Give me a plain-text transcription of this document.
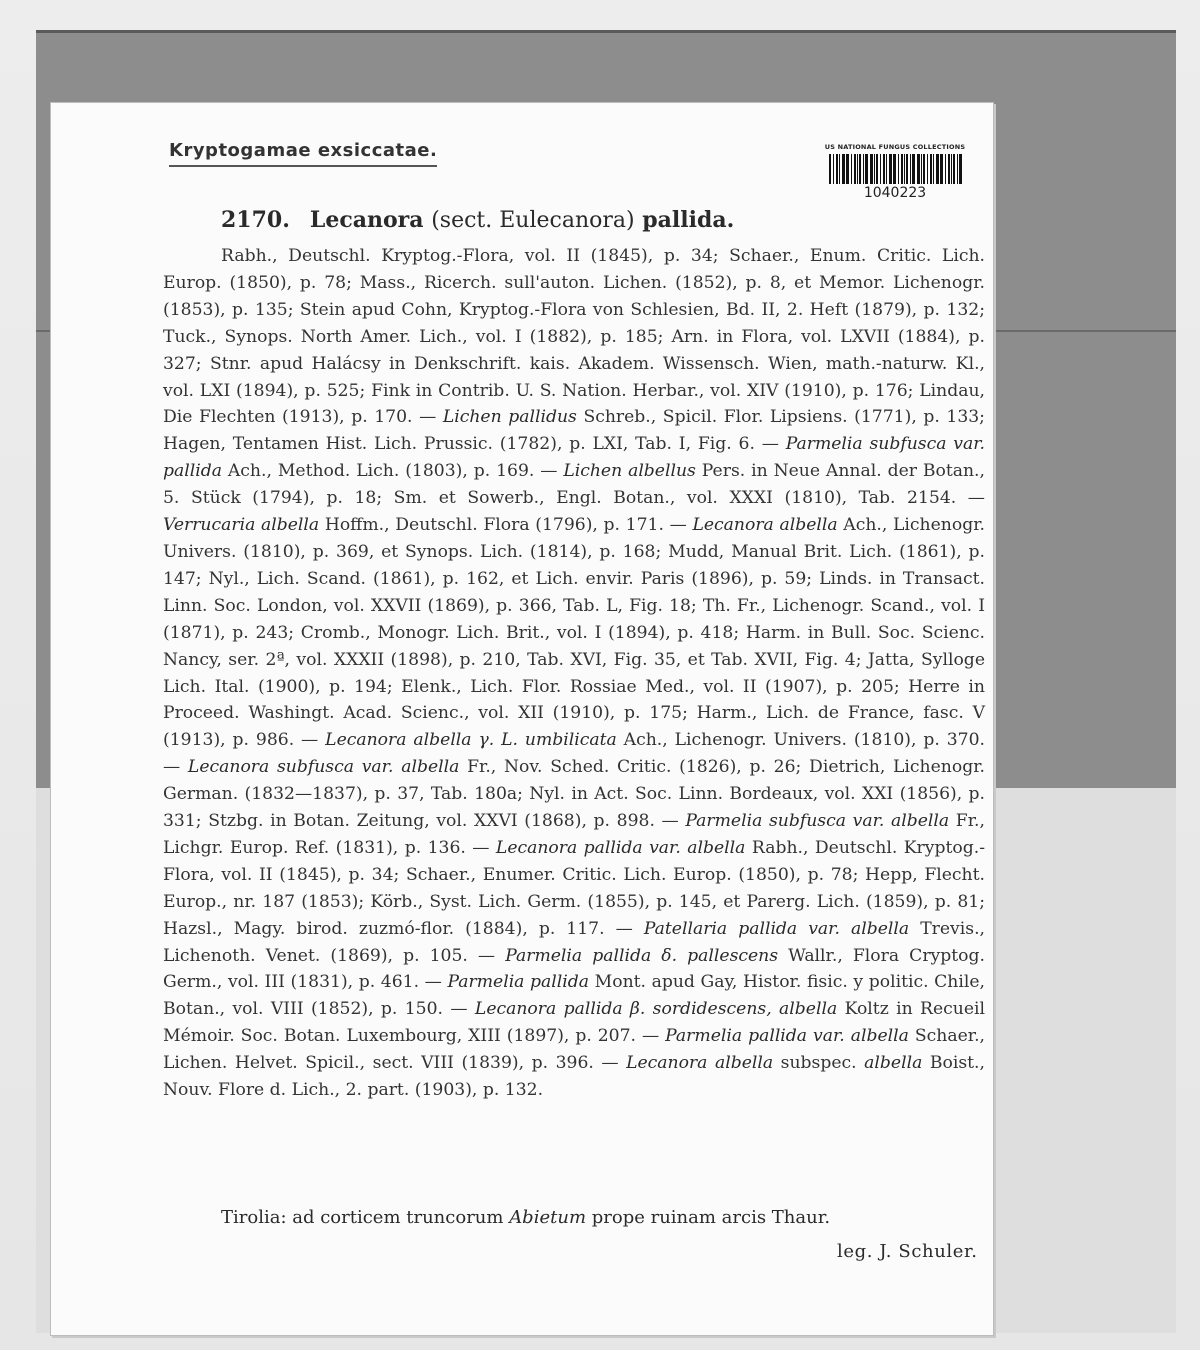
Kryptogamae exsiccatae.	US NATIONAL FUNGUS COLLECTIONS
1040223
2170. Lecanora (sect. Eulecanora) pallida.

Rabh., Deutschl. Kryptog.-Flora, vol. II (1845), p. 34; Schaer., Enum. Critic. Lich. Europ. (1850), p. 78; Mass., Ricerch. sull'auton. Lichen. (1852), p. 8, et Memor. Lichenogr. (1853), p. 135; Stein apud Cohn, Kryptog.-Flora von Schlesien, Bd. II, 2. Heft (1879), p. 132; Tuck., Synops. North Amer. Lich., vol. I (1882), p. 185; Arn. in Flora, vol. LXVII (1884), p. 327; Stnr. apud Halácsy in Denkschrift. kais. Akadem. Wissensch. Wien, math.-naturw. Kl., vol. LXI (1894), p. 525; Fink in Contrib. U. S. Nation. Herbar., vol. XIV (1910), p. 176; Lindau, Die Flechten (1913), p. 170. — Lichen pallidus Schreb., Spicil. Flor. Lipsiens. (1771), p. 133; Hagen, Tentamen Hist. Lich. Prussic. (1782), p. LXI, Tab. I, Fig. 6. — Parmelia subfusca var. pallida Ach., Method. Lich. (1803), p. 169. — Lichen albellus Pers. in Neue Annal. der Botan., 5. Stück (1794), p. 18; Sm. et Sowerb., Engl. Botan., vol. XXXI (1810), Tab. 2154. — Verrucaria albella Hoffm., Deutschl. Flora (1796), p. 171. — Lecanora albella Ach., Lichenogr. Univers. (1810), p. 369, et Synops. Lich. (1814), p. 168; Mudd, Manual Brit. Lich. (1861), p. 147; Nyl., Lich. Scand. (1861), p. 162, et Lich. envir. Paris (1896), p. 59; Linds. in Transact. Linn. Soc. London, vol. XXVII (1869), p. 366, Tab. L, Fig. 18; Th. Fr., Lichenogr. Scand., vol. I (1871), p. 243; Cromb., Monogr. Lich. Brit., vol. I (1894), p. 418; Harm. in Bull. Soc. Scienc. Nancy, ser. 2ª, vol. XXXII (1898), p. 210, Tab. XVI, Fig. 35, et Tab. XVII, Fig. 4; Jatta, Sylloge Lich. Ital. (1900), p. 194; Elenk., Lich. Flor. Rossiae Med., vol. II (1907), p. 205; Herre in Proceed. Washingt. Acad. Scienc., vol. XII (1910), p. 175; Harm., Lich. de France, fasc. V (1913), p. 986. — Lecanora albella γ. L. umbilicata Ach., Lichenogr. Univers. (1810), p. 370. — Lecanora subfusca var. albella Fr., Nov. Sched. Critic. (1826), p. 26; Dietrich, Lichenogr. German. (1832—1837), p. 37, Tab. 180a; Nyl. in Act. Soc. Linn. Bordeaux, vol. XXI (1856), p. 331; Stzbg. in Botan. Zeitung, vol. XXVI (1868), p. 898. — Parmelia subfusca var. albella Fr., Lichgr. Europ. Ref. (1831), p. 136. — Lecanora pallida var. albella Rabh., Deutschl. Kryptog.-Flora, vol. II (1845), p. 34; Schaer., Enumer. Critic. Lich. Europ. (1850), p. 78; Hepp, Flecht. Europ., nr. 187 (1853); Körb., Syst. Lich. Germ. (1855), p. 145, et Parerg. Lich. (1859), p. 81; Hazsl., Magy. birod. zuzmó-flor. (1884), p. 117. — Patellaria pallida var. albella Trevis., Lichenoth. Venet. (1869), p. 105. — Parmelia pallida δ. pallescens Wallr., Flora Cryptog. Germ., vol. III (1831), p. 461. — Parmelia pallida Mont. apud Gay, Histor. fisic. y politic. Chile, Botan., vol. VIII (1852), p. 150. — Lecanora pallida β. sordidescens, albella Koltz in Recueil Mémoir. Soc. Botan. Luxembourg, XIII (1897), p. 207. — Parmelia pallida var. albella Schaer., Lichen. Helvet. Spicil., sect. VIII (1839), p. 396. — Lecanora albella subspec. albella Boist., Nouv. Flore d. Lich., 2. part. (1903), p. 132.

Tirolia: ad corticem truncorum Abietum prope ruinam arcis Thaur.
leg. J. Schuler.
